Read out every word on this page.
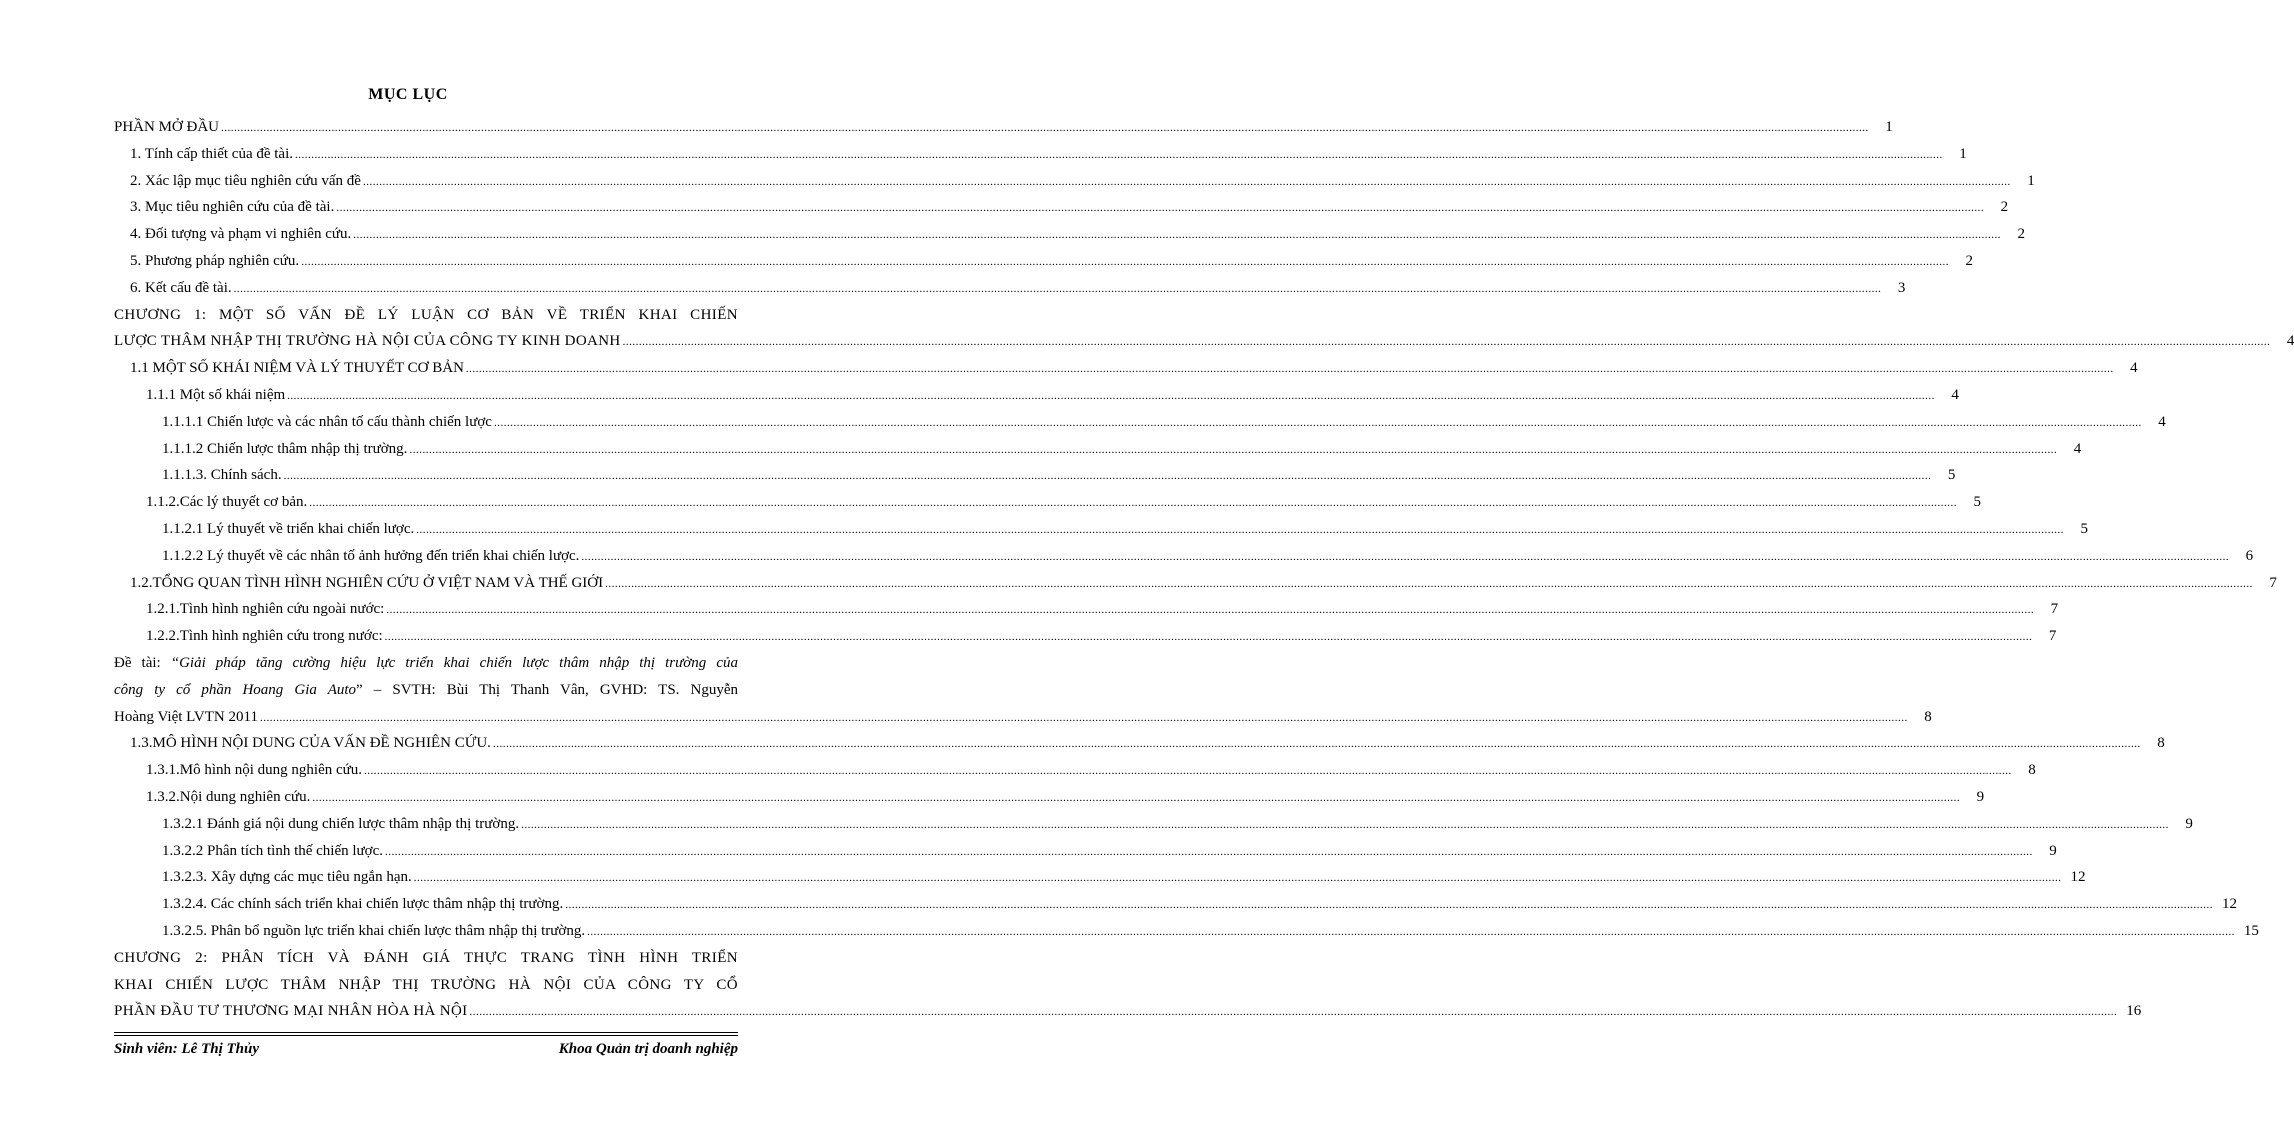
MỤC LỤC
PHẦN MỞ ĐẦU .....	1
1. Tính cấp thiết của đề tài. .....	1
2. Xác lập mục tiêu nghiên cứu vấn đề .....	1
3. Mục tiêu nghiên cứu của đề tài. .....	2
4. Đối tượng và phạm vi nghiên cứu. .....	2
5. Phương pháp nghiên cứu. .....	2
6. Kết cấu đề tài. .....	3
CHƯƠNG 1: MỘT SỐ VẤN ĐỀ LÝ LUẬN CƠ BẢN VỀ TRIỂN KHAI CHIẾN
LƯỢC THÂM NHẬP THỊ TRƯỜNG HÀ NỘI CỦA CÔNG TY KINH DOANH .....	4
1.1 MỘT SỐ KHÁI NIỆM VÀ LÝ THUYẾT CƠ BẢN .....	4
1.1.1 Một số khái niệm .....	4
1.1.1.1 Chiến lược và các nhân tố cấu thành chiến lược .....	4
1.1.1.2 Chiến lược thâm nhập thị trường. .....	4
1.1.1.3. Chính sách. .....	5
1.1.2.Các lý thuyết cơ bản. .....	5
1.1.2.1 Lý thuyết về triển khai chiến lược. .....	5
1.1.2.2 Lý thuyết về các nhân tố ảnh hưởng đến triển khai chiến lược. .....	6
1.2.TỔNG QUAN TÌNH HÌNH NGHIÊN CỨU Ở VIỆT NAM VÀ THẾ GIỚI .....	7
1.2.1.Tình hình nghiên cứu ngoài nước: .....	7
1.2.2.Tình hình nghiên cứu trong nước: .....	7
Đề tài: “Giải pháp tăng cường hiệu lực triển khai chiến lược thâm nhập thị trường của
công ty cổ phần Hoang Gia Auto” – SVTH: Bùi Thị Thanh Vân, GVHD: TS. Nguyễn
Hoàng Việt LVTN 2011 .....	8
1.3.MÔ HÌNH NỘI DUNG CỦA VẤN ĐỀ NGHIÊN CỨU. .....	8
1.3.1.Mô hình nội dung nghiên cứu. .....	8
1.3.2.Nội dung nghiên cứu. .....	9
1.3.2.1 Đánh giá nội dung chiến lược thâm nhập thị trường. .....	9
1.3.2.2 Phân tích tình thế chiến lược. .....	9
1.3.2.3. Xây dựng các mục tiêu ngắn hạn. .....	12
1.3.2.4. Các chính sách triển khai chiến lược thâm nhập thị trường. .....	12
1.3.2.5. Phân bổ nguồn lực triển khai chiến lược thâm nhập thị trường. .....	15
CHƯƠNG 2: PHÂN TÍCH VÀ ĐÁNH GIÁ THỰC TRANG TÌNH HÌNH TRIỂN
KHAI CHIẾN LƯỢC THÂM NHẬP THỊ TRƯỜNG HÀ NỘI CỦA CÔNG TY CỔ
PHẦN ĐẦU TƯ THƯƠNG MẠI NHÂN HÒA HÀ NỘI .....	16
Sinh viên: Lê Thị Thủy	Khoa Quản trị doanh nghiệp
